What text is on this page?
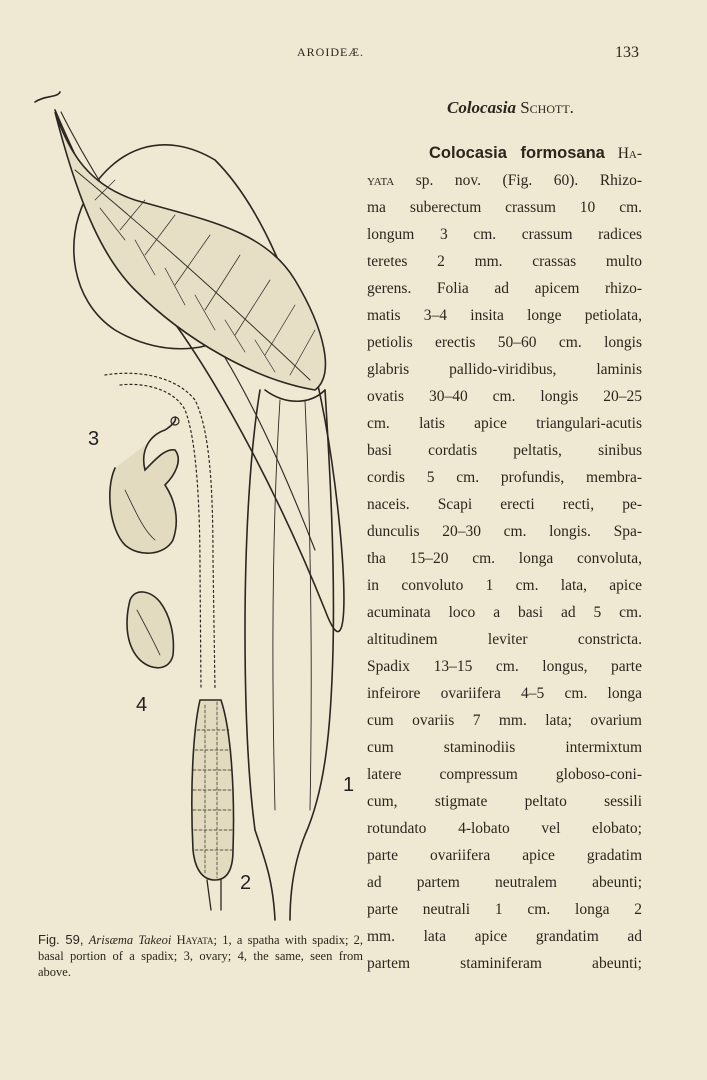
AROIDEÆ.	133
3
4
1
2
Fig. 59, Arisæma Takeoi Hayata; 1, a spatha with spadix; 2, basal portion of a spadix; 3, ovary; 4, the same, seen from above.
Colocasia Schott.
Colocasia formosana Ha-
yata sp. nov. (Fig. 60). Rhizo-
ma suberectum crassum 10 cm.
longum 3 cm. crassum radices
teretes 2 mm. crassas multo
gerens. Folia ad apicem rhizo-
matis 3–4 insita longe petiolata,
petiolis erectis 50–60 cm. longis
glabris pallido-viridibus, laminis
ovatis 30–40 cm. longis 20–25
cm. latis apice triangulari-acutis
basi cordatis peltatis, sinibus
cordis 5 cm. profundis, membra-
naceis. Scapi erecti recti, pe-
dunculis 20–30 cm. longis. Spa-
tha 15–20 cm. longa convoluta,
in convoluto 1 cm. lata, apice
acuminata loco a basi ad 5 cm.
altitudinem leviter constricta.
Spadix 13–15 cm. longus, parte
infeirore ovariifera 4–5 cm. longa
cum ovariis 7 mm. lata; ovarium
cum staminodiis intermixtum
latere compressum globoso-coni-
cum, stigmate peltato sessili
rotundato 4-lobato vel elobato;
parte ovariifera apice gradatim
ad partem neutralem abeunti;
parte neutrali 1 cm. longa 2
mm. lata apice grandatim ad
partem staminiferam abeunti;
